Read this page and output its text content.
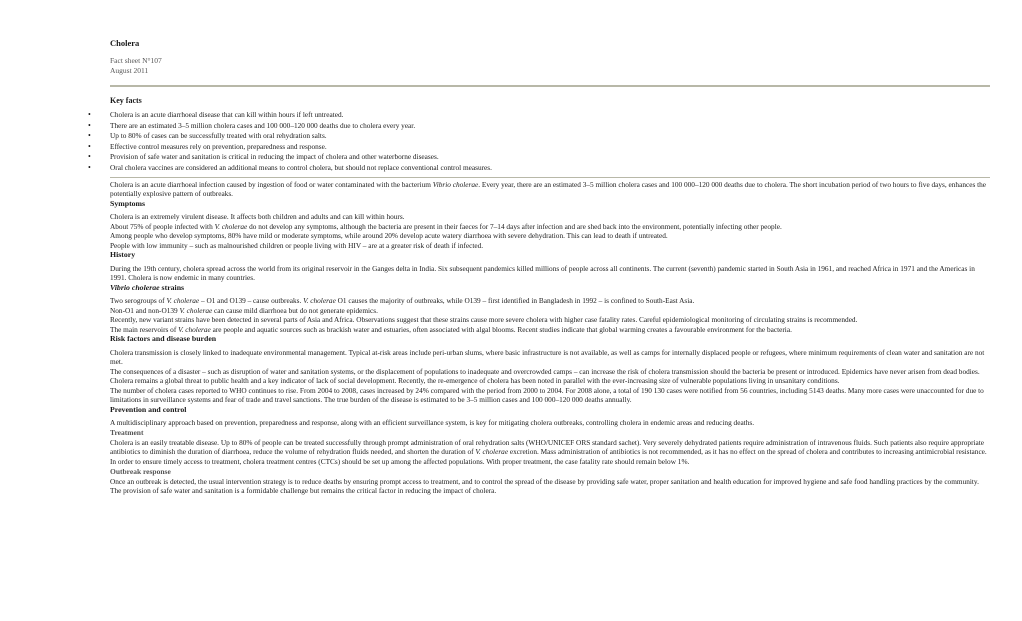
Cholera
Fact sheet N°107
August 2011
Key facts
• Cholera is an acute diarrhoeal disease that can kill within hours if left untreated.
• There are an estimated 3–5 million cholera cases and 100 000–120 000 deaths due to cholera every year.
• Up to 80% of cases can be successfully treated with oral rehydration salts.
• Effective control measures rely on prevention, preparedness and response.
• Provision of safe water and sanitation is critical in reducing the impact of cholera and other waterborne diseases.
• Oral cholera vaccines are considered an additional means to control cholera, but should not replace conventional control measures.

Cholera is an acute diarrhoeal infection caused by ingestion of food or water contaminated with the bacterium Vibrio cholerae. Every year, there are an estimated 3–5 million cholera cases and 100 000–120 000 deaths due to cholera. The short incubation period of two hours to five days, enhances the potentially explosive pattern of outbreaks.

Symptoms

Cholera is an extremely virulent disease. It affects both children and adults and can kill within hours.

About 75% of people infected with V. cholerae do not develop any symptoms, although the bacteria are present in their faeces for 7–14 days after infection and are shed back into the environment, potentially infecting other people.

Among people who develop symptoms, 80% have mild or moderate symptoms, while around 20% develop acute watery diarrhoea with severe dehydration. This can lead to death if untreated.

People with low immunity – such as malnourished children or people living with HIV – are at a greater risk of death if infected.

History

During the 19th century, cholera spread across the world from its original reservoir in the Ganges delta in India. Six subsequent pandemics killed millions of people across all continents. The current (seventh) pandemic started in South Asia in 1961, and reached Africa in 1971 and the Americas in 1991. Cholera is now endemic in many countries.

Vibrio cholerae strains

Two serogroups of V. cholerae – O1 and O139 – cause outbreaks. V. cholerae O1 causes the majority of outbreaks, while O139 – first identified in Bangladesh in 1992 – is confined to South-East Asia.

Non-O1 and non-O139 V. cholerae can cause mild diarrhoea but do not generate epidemics.

Recently, new variant strains have been detected in several parts of Asia and Africa. Observations suggest that these strains cause more severe cholera with higher case fatality rates. Careful epidemiological monitoring of circulating strains is recommended.

The main reservoirs of V. cholerae are people and aquatic sources such as brackish water and estuaries, often associated with algal blooms. Recent studies indicate that global warming creates a favourable environment for the bacteria.

Risk factors and disease burden

Cholera transmission is closely linked to inadequate environmental management. Typical at-risk areas include peri-urban slums, where basic infrastructure is not available, as well as camps for internally displaced people or refugees, where minimum requirements of clean water and sanitation are not met.

The consequences of a disaster – such as disruption of water and sanitation systems, or the displacement of populations to inadequate and overcrowded camps – can increase the risk of cholera transmission should the bacteria be present or introduced. Epidemics have never arisen from dead bodies.

Cholera remains a global threat to public health and a key indicator of lack of social development. Recently, the re-emergence of cholera has been noted in parallel with the ever-increasing size of vulnerable populations living in unsanitary conditions.

The number of cholera cases reported to WHO continues to rise. From 2004 to 2008, cases increased by 24% compared with the period from 2000 to 2004. For 2008 alone, a total of 190 130 cases were notified from 56 countries, including 5143 deaths. Many more cases were unaccounted for due to limitations in surveillance systems and fear of trade and travel sanctions. The true burden of the disease is estimated to be 3–5 million cases and 100 000–120 000 deaths annually.

Prevention and control

A multidisciplinary approach based on prevention, preparedness and response, along with an efficient surveillance system, is key for mitigating cholera outbreaks, controlling cholera in endemic areas and reducing deaths.

Treatment

Cholera is an easily treatable disease. Up to 80% of people can be treated successfully through prompt administration of oral rehydration salts (WHO/UNICEF ORS standard sachet). Very severely dehydrated patients require administration of intravenous fluids. Such patients also require appropriate antibiotics to diminish the duration of diarrhoea, reduce the volume of rehydration fluids needed, and shorten the duration of V. cholerae excretion. Mass administration of antibiotics is not recommended, as it has no effect on the spread of cholera and contributes to increasing antimicrobial resistance.

In order to ensure timely access to treatment, cholera treatment centres (CTCs) should be set up among the affected populations. With proper treatment, the case fatality rate should remain below 1%.

Outbreak response

Once an outbreak is detected, the usual intervention strategy is to reduce deaths by ensuring prompt access to treatment, and to control the spread of the disease by providing safe water, proper sanitation and health education for improved hygiene and safe food handling practices by the community. The provision of safe water and sanitation is a formidable challenge but remains the critical factor in reducing the impact of cholera.
